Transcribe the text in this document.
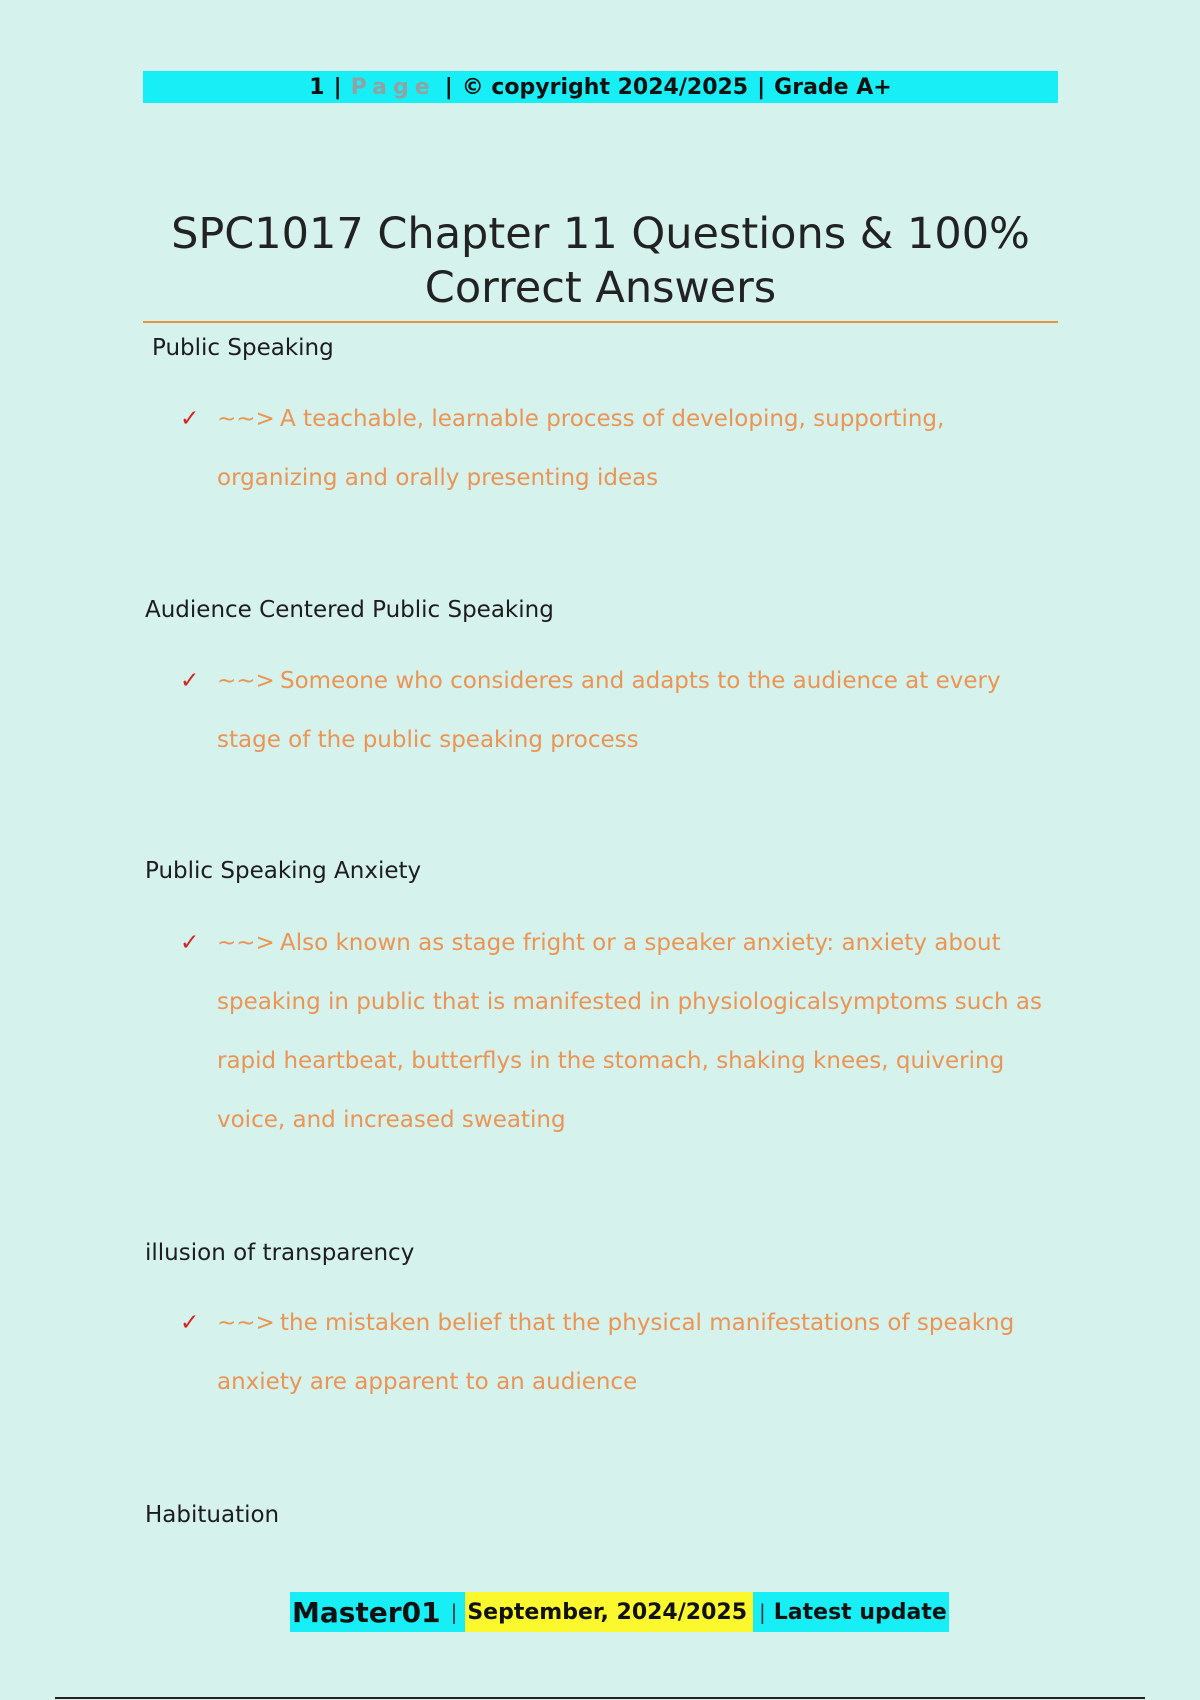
1 | Page | © copyright 2024/2025 | Grade A+
SPC1017 Chapter 11 Questions & 100%
Correct Answers
Public Speaking
✓ ~~> A teachable, learnable process of developing, supporting,
organizing and orally presenting ideas
Audience Centered Public Speaking
✓ ~~> Someone who consideres and adapts to the audience at every
stage of the public speaking process
Public Speaking Anxiety
✓ ~~> Also known as stage fright or a speaker anxiety: anxiety about
speaking in public that is manifested in physiologicalsymptoms such as
rapid heartbeat, butterflys in the stomach, shaking knees, quivering
voice, and increased sweating
illusion of transparency
✓ ~~> the mistaken belief that the physical manifestations of speakng
anxiety are apparent to an audience
Habituation
Master01 | September, 2024/2025 | Latest update
